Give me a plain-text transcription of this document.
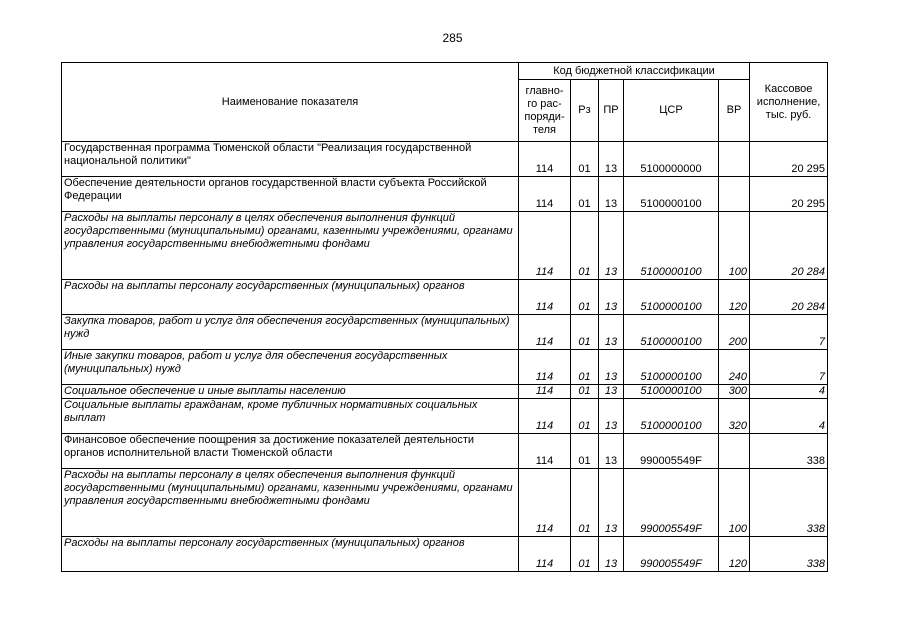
285
Наименование показателя	Код бюджетной классификации					Кассовое исполнение, тыс. руб.
	главно-
го рас-
поряди-
теля	Рз	ПР	ЦСР	ВР	
Государственная программа Тюменской области "Реализация государственной национальной политики"	114	01	13	5100000000		20 295
Обеспечение деятельности органов государственной власти субъекта Российской Федерации	114	01	13	5100000100		20 295
Расходы на выплаты персоналу в целях обеспечения выполнения функций государственными (муниципальными) органами, казенными учреждениями, органами управления государственными внебюджетными фондами	114	01	13	5100000100	100	20 284
Расходы на выплаты персоналу государственных (муниципальных) органов	114	01	13	5100000100	120	20 284
Закупка товаров, работ и услуг для обеспечения государственных (муниципальных) нужд	114	01	13	5100000100	200	7
Иные закупки товаров, работ и услуг для обеспечения государственных (муниципальных) нужд	114	01	13	5100000100	240	7
Социальное обеспечение и иные выплаты населению	114	01	13	5100000100	300	4
Социальные выплаты гражданам, кроме публичных нормативных социальных выплат	114	01	13	5100000100	320	4
Финансовое обеспечение поощрения за достижение показателей деятельности органов исполнительной власти Тюменской области	114	01	13	990005549F		338
Расходы на выплаты персоналу в целях обеспечения выполнения функций государственными (муниципальными) органами, казенными учреждениями, органами управления государственными внебюджетными фондами	114	01	13	990005549F	100	338
Расходы на выплаты персоналу государственных (муниципальных) органов	114	01	13	990005549F	120	338
